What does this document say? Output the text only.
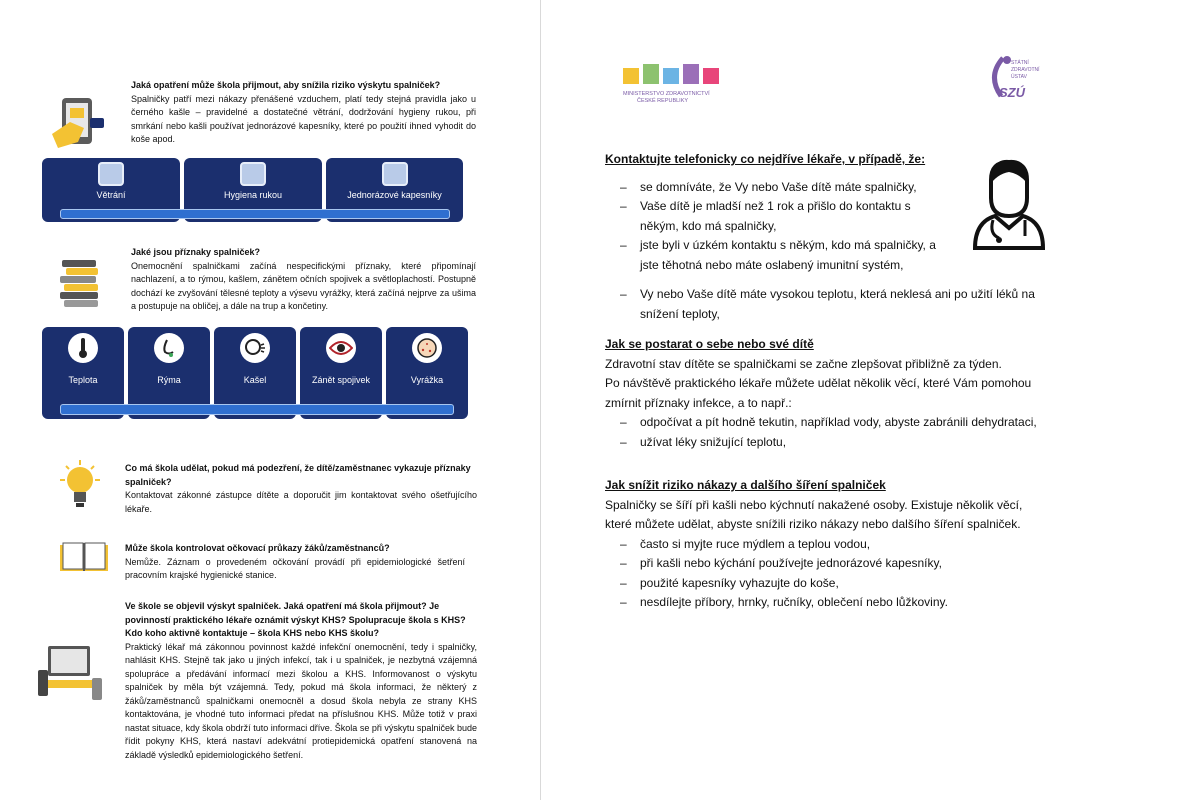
Jaká opatření může škola přijmout, aby snížila riziko výskytu spalniček?
Spalničky patří mezi nákazy přenášené vzduchem, platí tedy stejná pravidla jako u černého kašle – pravidelné a dostatečné větrání, dodržování hygieny rukou, při smrkání nebo kašli používat jednorázové kapesníky, které po použití ihned vyhodit do koše apod.
Větrání	Hygiena rukou	Jednorázové kapesníky
Jaké jsou příznaky spalniček?
Onemocnění spalničkami začíná nespecifickými příznaky, které připomínají nachlazení, a to rýmou, kašlem, zánětem očních spojivek a světloplachostí. Postupně dochází ke zvyšování tělesné teploty a výsevu vyrážky, která začíná nejprve za ušima a postupuje na obličej, a dále na trup a končetiny.
Teplota	Rýma	Kašel	Zánět spojivek	Vyrážka
Co má škola udělat, pokud má podezření, že dítě/zaměstnanec vykazuje příznaky spalniček?
Kontaktovat zákonné zástupce dítěte a doporučit jim kontaktovat svého ošetřujícího lékaře.
Může škola kontrolovat očkovací průkazy žáků/zaměstnanců?
Nemůže. Záznam o provedeném očkování provádí při epidemiologické šetření pracovním krajské hygienické stanice.
Ve škole se objevil výskyt spalniček. Jaká opatření má škola přijmout? Je povinností praktického lékaře oznámit výskyt KHS? Spolupracuje škola s KHS? Kdo koho aktivně kontaktuje – škola KHS nebo KHS školu?
Praktický lékař má zákonnou povinnost každé infekční onemocnění, tedy i spalničky, nahlásit KHS. Stejně tak jako u jiných infekcí, tak i u spalniček, je nezbytná vzájemná spolupráce a předávání informací mezi školou a KHS. Informovanost o výskytu spalniček by měla být vzájemná. Tedy, pokud má škola informaci, že některý z žáků/zaměstnanců spalničkami onemocněl a dosud škola nebyla ze strany KHS kontaktována, je vhodné tuto informaci předat na příslušnou KHS. Může totiž v praxi nastat situace, kdy škola obdrží tuto informaci dříve. Škola se při výskytu spalniček bude řídit pokyny KHS, která nastaví adekvátní protiepidemická opatření stanovená na základě výsledků epidemiologického šetření.
MINISTERSTVO ZDRAVOTNICTVÍ
ČESKÉ REPUBLIKY
STÁTNÍ
ZDRAVOTNÍ
ÚSTAV
SZÚ
Kontaktujte telefonicky co nejdříve lékaře, v případě, že:
– se domníváte, že Vy nebo Vaše dítě máte spalničky,
– Vaše dítě je mladší než 1 rok a přišlo do kontaktu s někým, kdo má spalničky,
– jste byli v úzkém kontaktu s někým, kdo má spalničky, a jste těhotná nebo máte oslabený imunitní systém,
– Vy nebo Vaše dítě máte vysokou teplotu, která neklesá ani po užití léků na snížení teploty,
Jak se postarat o sebe nebo své dítě
Zdravotní stav dítěte se spalničkami se začne zlepšovat přibližně za týden.
Po návštěvě praktického lékaře můžete udělat několik věcí, které Vám pomohou zmírnit příznaky infekce, a to např.:
– odpočívat a pít hodně tekutin, například vody, abyste zabránili dehydrataci,
– užívat léky snižující teplotu,
Jak snížit riziko nákazy a dalšího šíření spalniček
Spalničky se šíří při kašli nebo kýchnutí nakažené osoby. Existuje několik věcí, které můžete udělat, abyste snížili riziko nákazy nebo dalšího šíření spalniček.
– často si myjte ruce mýdlem a teplou vodou,
– při kašli nebo kýchání používejte jednorázové kapesníky,
– použité kapesníky vyhazujte do koše,
– nesdílejte příbory, hrnky, ručníky, oblečení nebo lůžkoviny.
